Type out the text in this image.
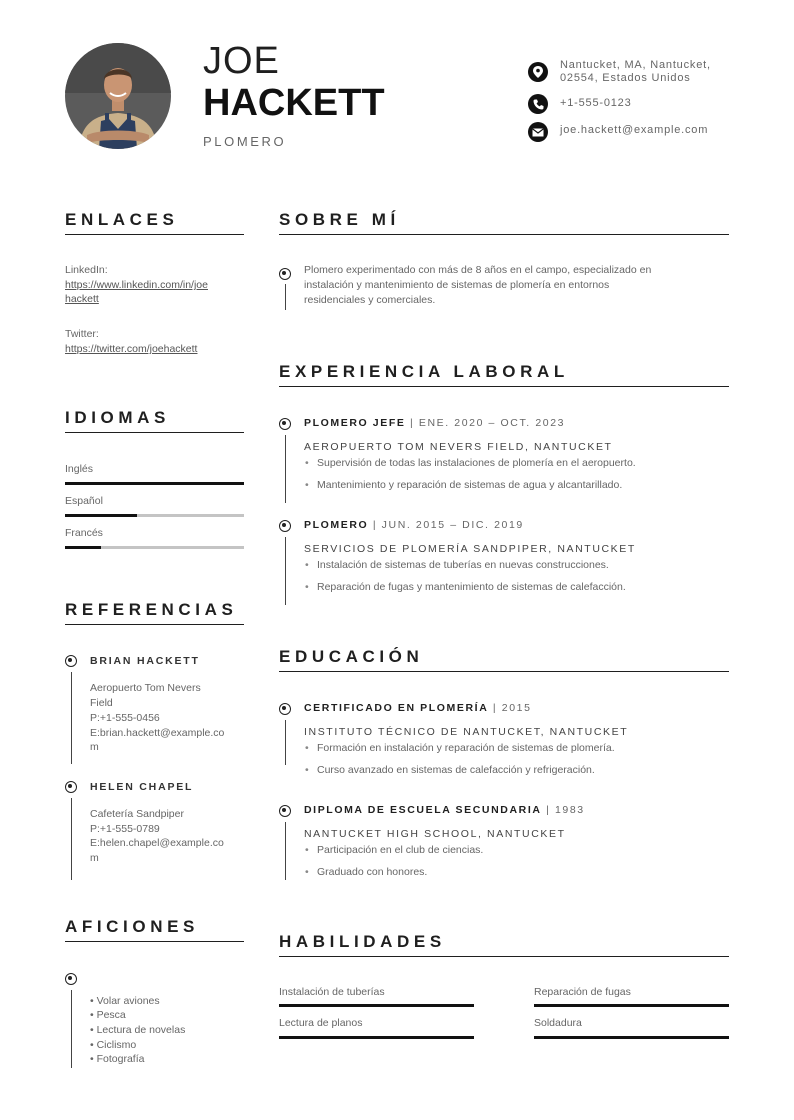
JOE
HACKETT
PLOMERO
Nantucket, MA, Nantucket,
02554, Estados Unidos
+1-555-0123
joe.hackett@example.com
ENLACES
LinkedIn:
https://www.linkedin.com/in/joe
hackett
Twitter:
https://twitter.com/joehackett
IDIOMAS
Inglés
Español
Francés
REFERENCIAS
BRIAN HACKETT
Aeropuerto Tom Nevers
Field
P:+1-555-0456
E:brian.hackett@example.co
m
HELEN CHAPEL
Cafetería Sandpiper
P:+1-555-0789
E:helen.chapel@example.co
m
AFICIONES
• Volar aviones
• Pesca
• Lectura de novelas
• Ciclismo
• Fotografía
SOBRE MÍ
Plomero experimentado con más de 8 años en el campo, especializado en
instalación y mantenimiento de sistemas de plomería en entornos
residenciales y comerciales.
EXPERIENCIA LABORAL
PLOMERO JEFE | ENE. 2020 – OCT. 2023
AEROPUERTO TOM NEVERS FIELD, NANTUCKET
• Supervisión de todas las instalaciones de plomería en el aeropuerto.
• Mantenimiento y reparación de sistemas de agua y alcantarillado.
PLOMERO | JUN. 2015 – DIC. 2019
SERVICIOS DE PLOMERÍA SANDPIPER, NANTUCKET
• Instalación de sistemas de tuberías en nuevas construcciones.
• Reparación de fugas y mantenimiento de sistemas de calefacción.
EDUCACIÓN
CERTIFICADO EN PLOMERÍA | 2015
INSTITUTO TÉCNICO DE NANTUCKET, NANTUCKET
• Formación en instalación y reparación de sistemas de plomería.
• Curso avanzado en sistemas de calefacción y refrigeración.
DIPLOMA DE ESCUELA SECUNDARIA | 1983
NANTUCKET HIGH SCHOOL, NANTUCKET
• Participación en el club de ciencias.
• Graduado con honores.
HABILIDADES
Instalación de tuberías	Reparación de fugas
Lectura de planos	Soldadura
